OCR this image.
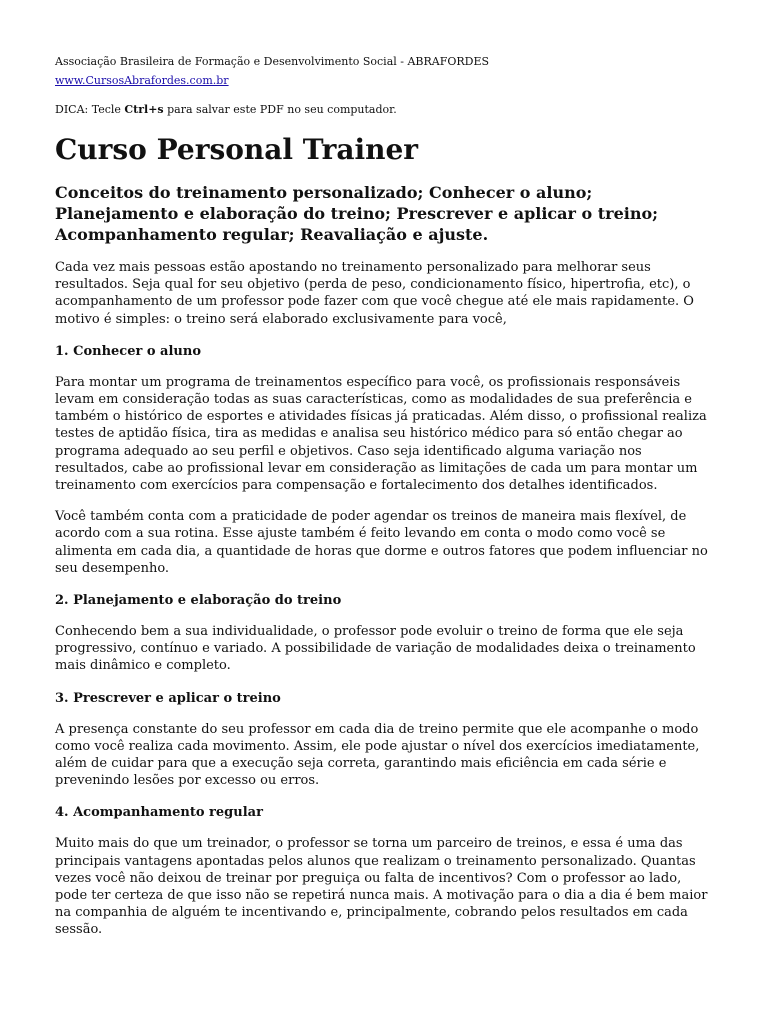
Associação Brasileira de Formação e Desenvolvimento Social - ABRAFORDES
www.CursosAbrafordes.com.br

DICA: Tecle Ctrl+s para salvar este PDF no seu computador.

Curso Personal Trainer
Conceitos do treinamento personalizado; Conhecer o aluno; Planejamento e elaboração do treino; Prescrever e aplicar o treino; Acompanhamento regular; Reavaliação e ajuste.

Cada vez mais pessoas estão apostando no treinamento personalizado para melhorar seus resultados. Seja qual for seu objetivo (perda de peso, condicionamento físico, hipertrofia, etc), o acompanhamento de um professor pode fazer com que você chegue até ele mais rapidamente. O motivo é simples: o treino será elaborado exclusivamente para você,

1. Conhecer o aluno

Para montar um programa de treinamentos específico para você, os profissionais responsáveis levam em consideração todas as suas características, como as modalidades de sua preferência e também o histórico de esportes e atividades físicas já praticadas. Além disso, o profissional realiza testes de aptidão física, tira as medidas e analisa seu histórico médico para só então chegar ao programa adequado ao seu perfil e objetivos. Caso seja identificado alguma variação nos resultados, cabe ao profissional levar em consideração as limitações de cada um para montar um treinamento com exercícios para compensação e fortalecimento dos detalhes identificados.

Você também conta com a praticidade de poder agendar os treinos de maneira mais flexível, de acordo com a sua rotina. Esse ajuste também é feito levando em conta o modo como você se alimenta em cada dia, a quantidade de horas que dorme e outros fatores que podem influenciar no seu desempenho.

2. Planejamento e elaboração do treino

Conhecendo bem a sua individualidade, o professor pode evoluir o treino de forma que ele seja progressivo, contínuo e variado. A possibilidade de variação de modalidades deixa o treinamento mais dinâmico e completo.

3. Prescrever e aplicar o treino

A presença constante do seu professor em cada dia de treino permite que ele acompanhe o modo como você realiza cada movimento. Assim, ele pode ajustar o nível dos exercícios imediatamente, além de cuidar para que a execução seja correta, garantindo mais eficiência em cada série e prevenindo lesões por excesso ou erros.

4. Acompanhamento regular

Muito mais do que um treinador, o professor se torna um parceiro de treinos, e essa é uma das principais vantagens apontadas pelos alunos que realizam o treinamento personalizado. Quantas vezes você não deixou de treinar por preguiça ou falta de incentivos? Com o professor ao lado, pode ter certeza de que isso não se repetirá nunca mais. A motivação para o dia a dia é bem maior na companhia de alguém te incentivando e, principalmente, cobrando pelos resultados em cada sessão.
